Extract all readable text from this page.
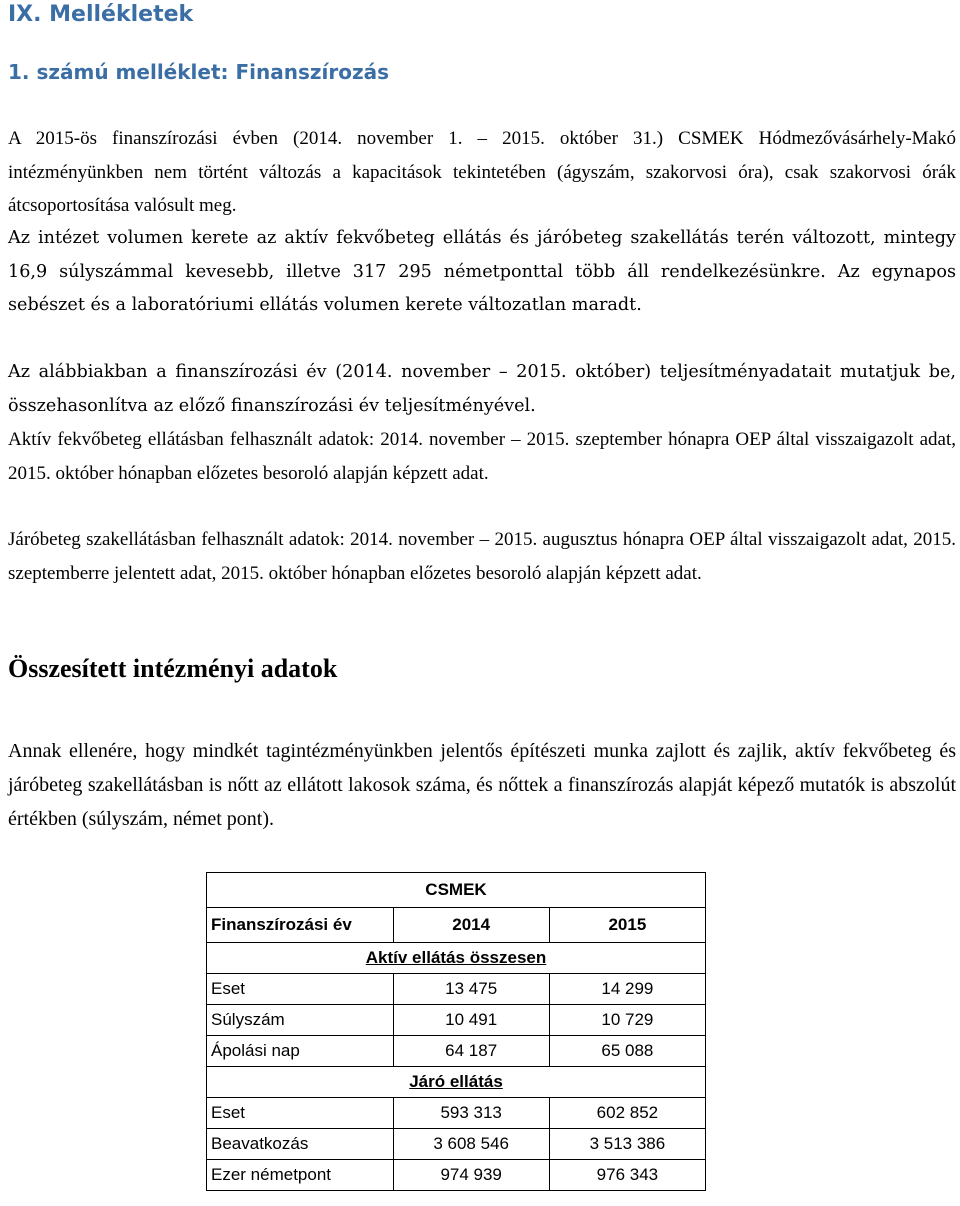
IX. Mellékletek
1. számú melléklet: Finanszírozás

A 2015-ös finanszírozási évben (2014. november 1. – 2015. október 31.) CSMEK Hódmezővásárhely-Makó intézményünkben nem történt változás a kapacitások tekintetében (ágyszám, szakorvosi óra), csak szakorvosi órák átcsoportosítása valósult meg.

Az intézet volumen kerete az aktív fekvőbeteg ellátás és járóbeteg szakellátás terén változott, mintegy 16,9 súlyszámmal kevesebb, illetve 317 295 németponttal több áll rendelkezésünkre. Az egynapos sebészet és a laboratóriumi ellátás volumen kerete változatlan maradt.

Az alábbiakban a finanszírozási év (2014. november – 2015. október) teljesítményadatait mutatjuk be, összehasonlítva az előző finanszírozási év teljesítményével.

Aktív fekvőbeteg ellátásban felhasznált adatok: 2014. november – 2015. szeptember hónapra OEP által visszaigazolt adat, 2015. október hónapban előzetes besoroló alapján képzett adat.

Járóbeteg szakellátásban felhasznált adatok: 2014. november – 2015. augusztus hónapra OEP által visszaigazolt adat, 2015. szeptemberre jelentett adat, 2015. október hónapban előzetes besoroló alapján képzett adat.

Összesített intézményi adatok

Annak ellenére, hogy mindkét tagintézményünkben jelentős építészeti munka zajlott és zajlik, aktív fekvőbeteg és járóbeteg szakellátásban is nőtt az ellátott lakosok száma, és nőttek a finanszírozás alapját képező mutatók is abszolút értékben (súlyszám, német pont).

CSMEK		
Finanszírozási év	2014	2015
Aktív ellátás összesen		
Eset	13 475	14 299
Súlyszám	10 491	10 729
Ápolási nap	64 187	65 088
Járó ellátás		
Eset	593 313	602 852
Beavatkozás	3 608 546	3 513 386
Ezer németpont	974 939	976 343
